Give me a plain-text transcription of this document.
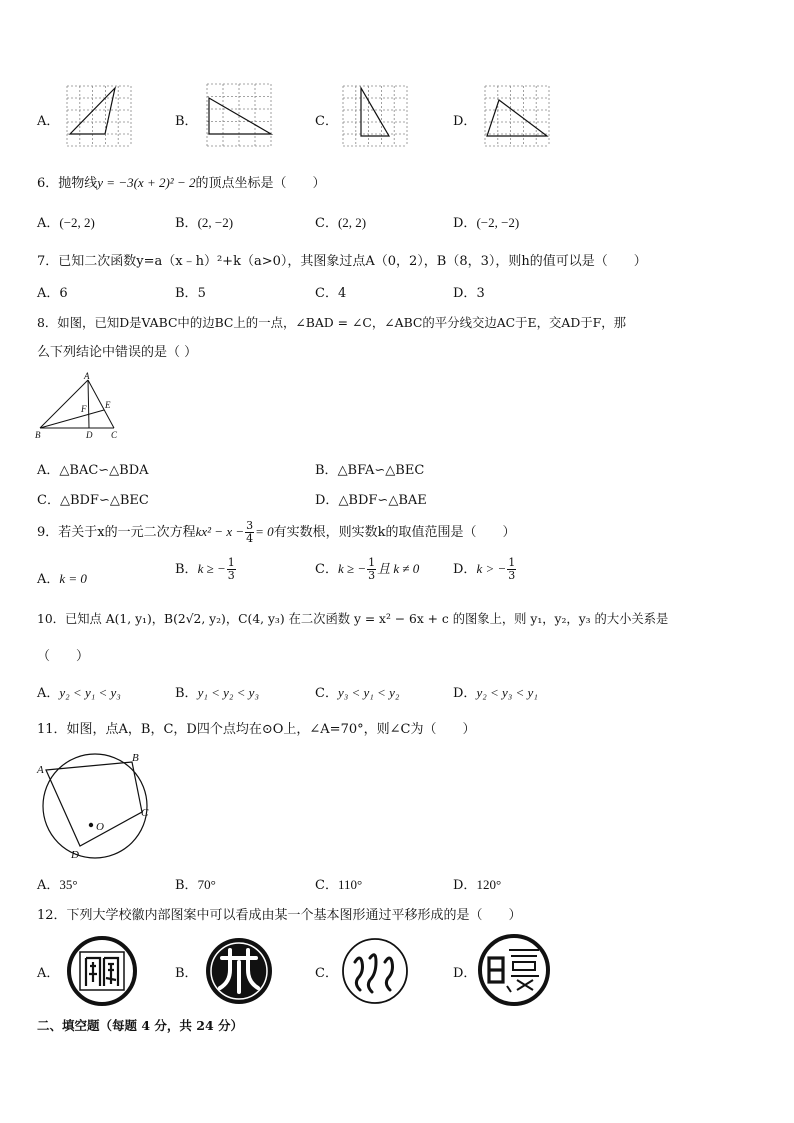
A．	B．	C．	D．
6．抛物线y = −3(x + 2)² − 2的顶点坐标是（　　）
A．(−2, 2)	B．(2, −2)	C．(2, 2)	D．(−2, −2)
7．已知二次函数y=a（x﹣h）²+k（a>0），其图象过点A（0，2），B（8，3），则h的值可以是（　　）
A．6	B．5	C．4	D．3
8．如图，已知D是VABC中的边BC上的一点，∠BAD = ∠C，∠ABC的平分线交边AC于E，交AD于F，那
么下列结论中错误的是（ ）
A
B	C
D
E
F
A．△BAC∽△BDA	B．△BFA∽△BEC
C．△BDF∽△BEC	D．△BDF∽△BAE
9．若关于x的一元二次方程$kx^2 - x - \frac{3}{4} = 0$有实数根，则实数k的取值范围是（　　）
A．k = 0
B．k ≥ − $\frac{1}{3}$	C．k ≥ − $\frac{1}{3}$ 且 k ≠ 0	D．k > − $\frac{1}{3}$
10．已知点 A(1, y₁)，B(2√2, y₂)，C(4, y₃) 在二次函数 y = x² − 6x + c 的图象上，则 y₁，y₂，y₃ 的大小关系是
（　　）
A．y₂ < y₁ < y₃	B．y₁ < y₂ < y₃	C．y₃ < y₁ < y₂	D．y₂ < y₃ < y₁
11．如图，点A，B，C，D四个点均在⊙O上，∠A=70°，则∠C为（　　）
A
B
C
D
O
A．35°	B．70°	C．110°	D．120°
12．下列大学校徽内部图案中可以看成由某一个基本图形通过平移形成的是（　　）
A．	B．	C．	D．
二、填空题（每题 4 分，共 24 分）
